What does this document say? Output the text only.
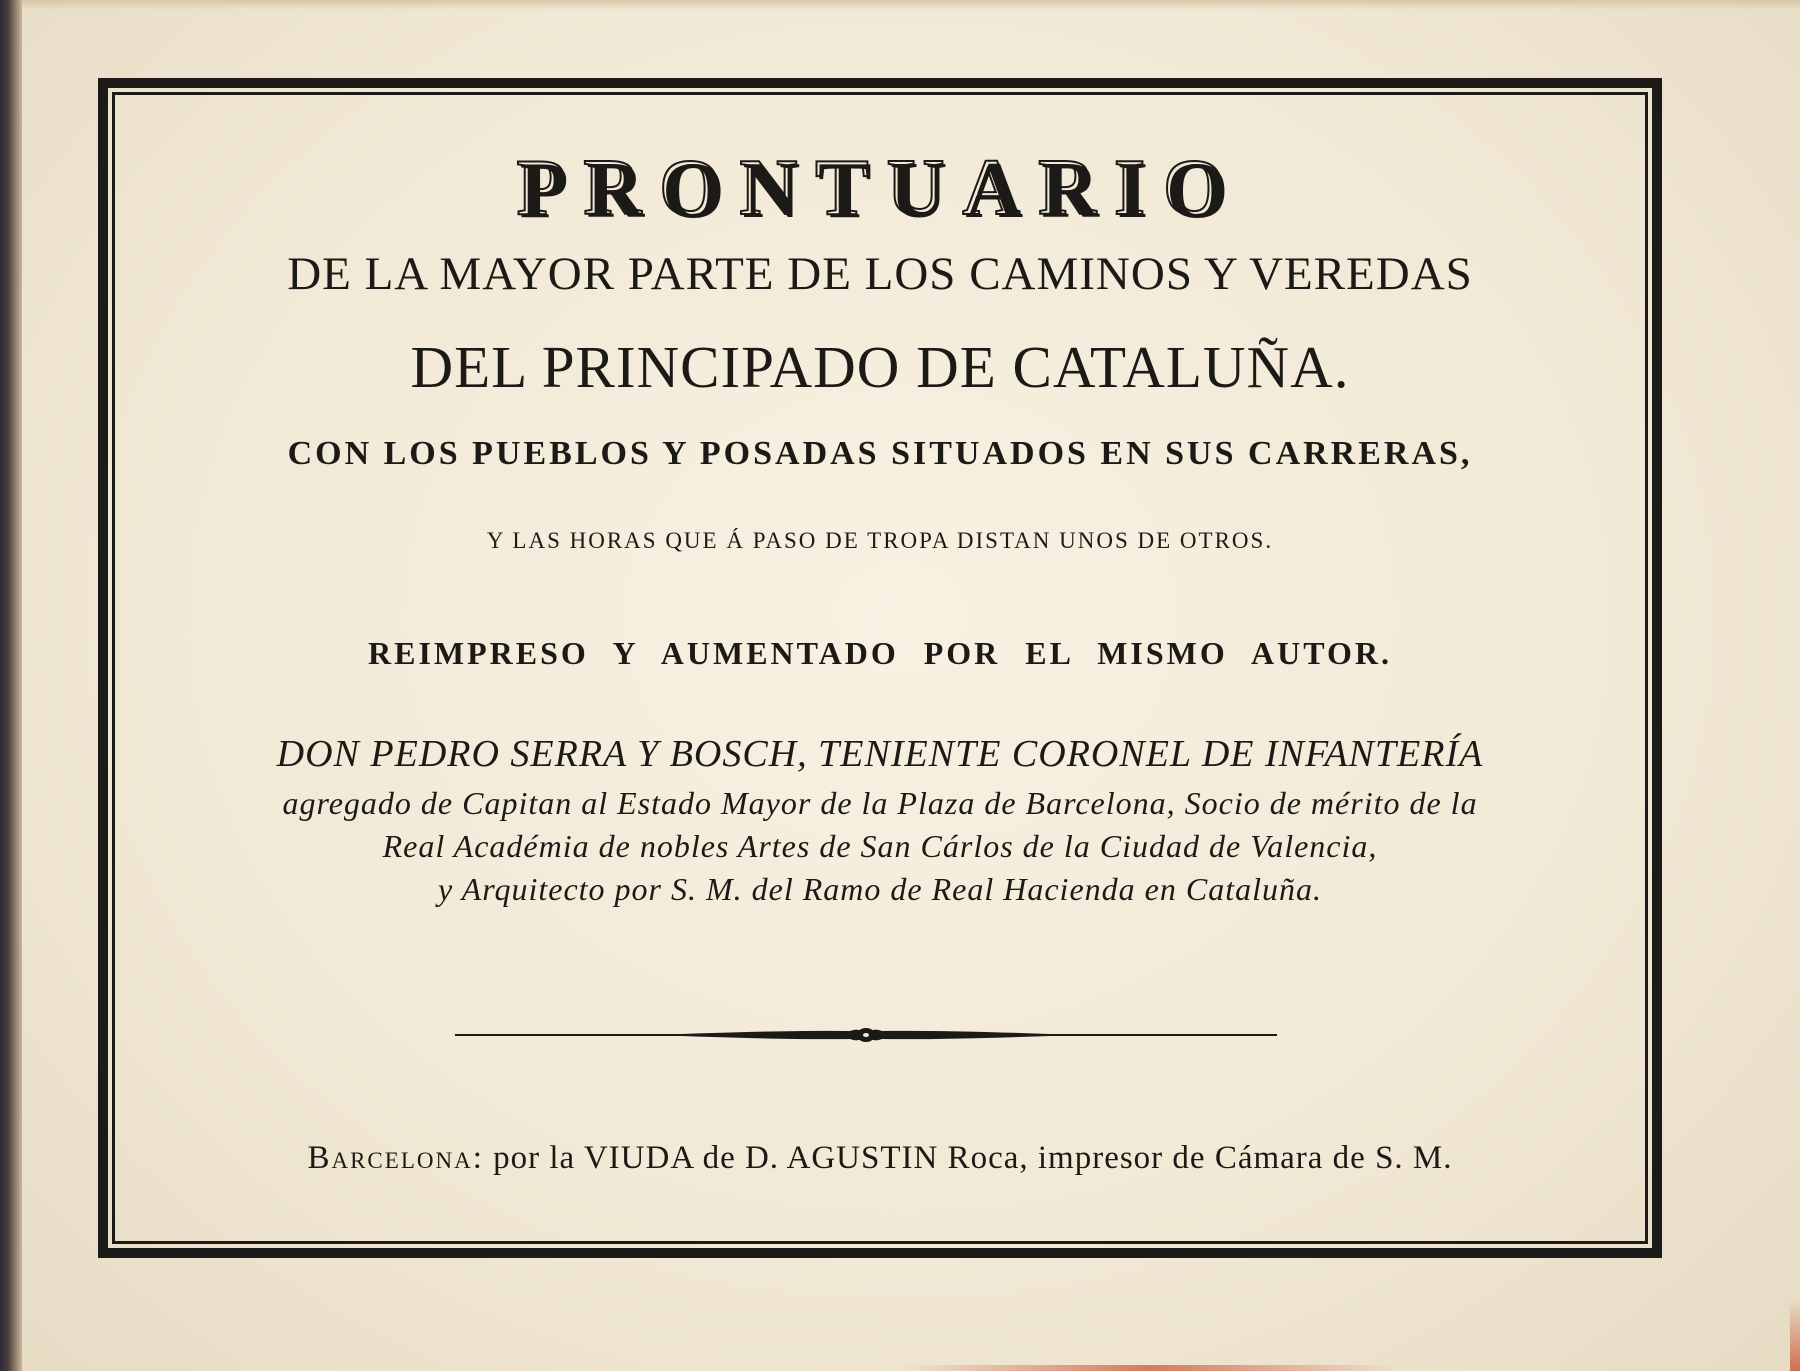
PRONTUARIO
DE LA MAYOR PARTE DE LOS CAMINOS Y VEREDAS
DEL PRINCIPADO DE CATALUÑA.
CON LOS PUEBLOS Y POSADAS SITUADOS EN SUS CARRERAS,
Y LAS HORAS QUE Á PASO DE TROPA DISTAN UNOS DE OTROS.
REIMPRESO Y AUMENTADO POR EL MISMO AUTOR.
DON PEDRO SERRA Y BOSCH, TENIENTE CORONEL DE INFANTERÍA
agregado de Capitan al Estado Mayor de la Plaza de Barcelona, Socio de mérito de la
Real Académia de nobles Artes de San Cárlos de la Ciudad de Valencia,
y Arquitecto por S. M. del Ramo de Real Hacienda en Cataluña.
Barcelona: por la VIUDA de D. AGUSTIN Roca, impresor de Cámara de S. M.
